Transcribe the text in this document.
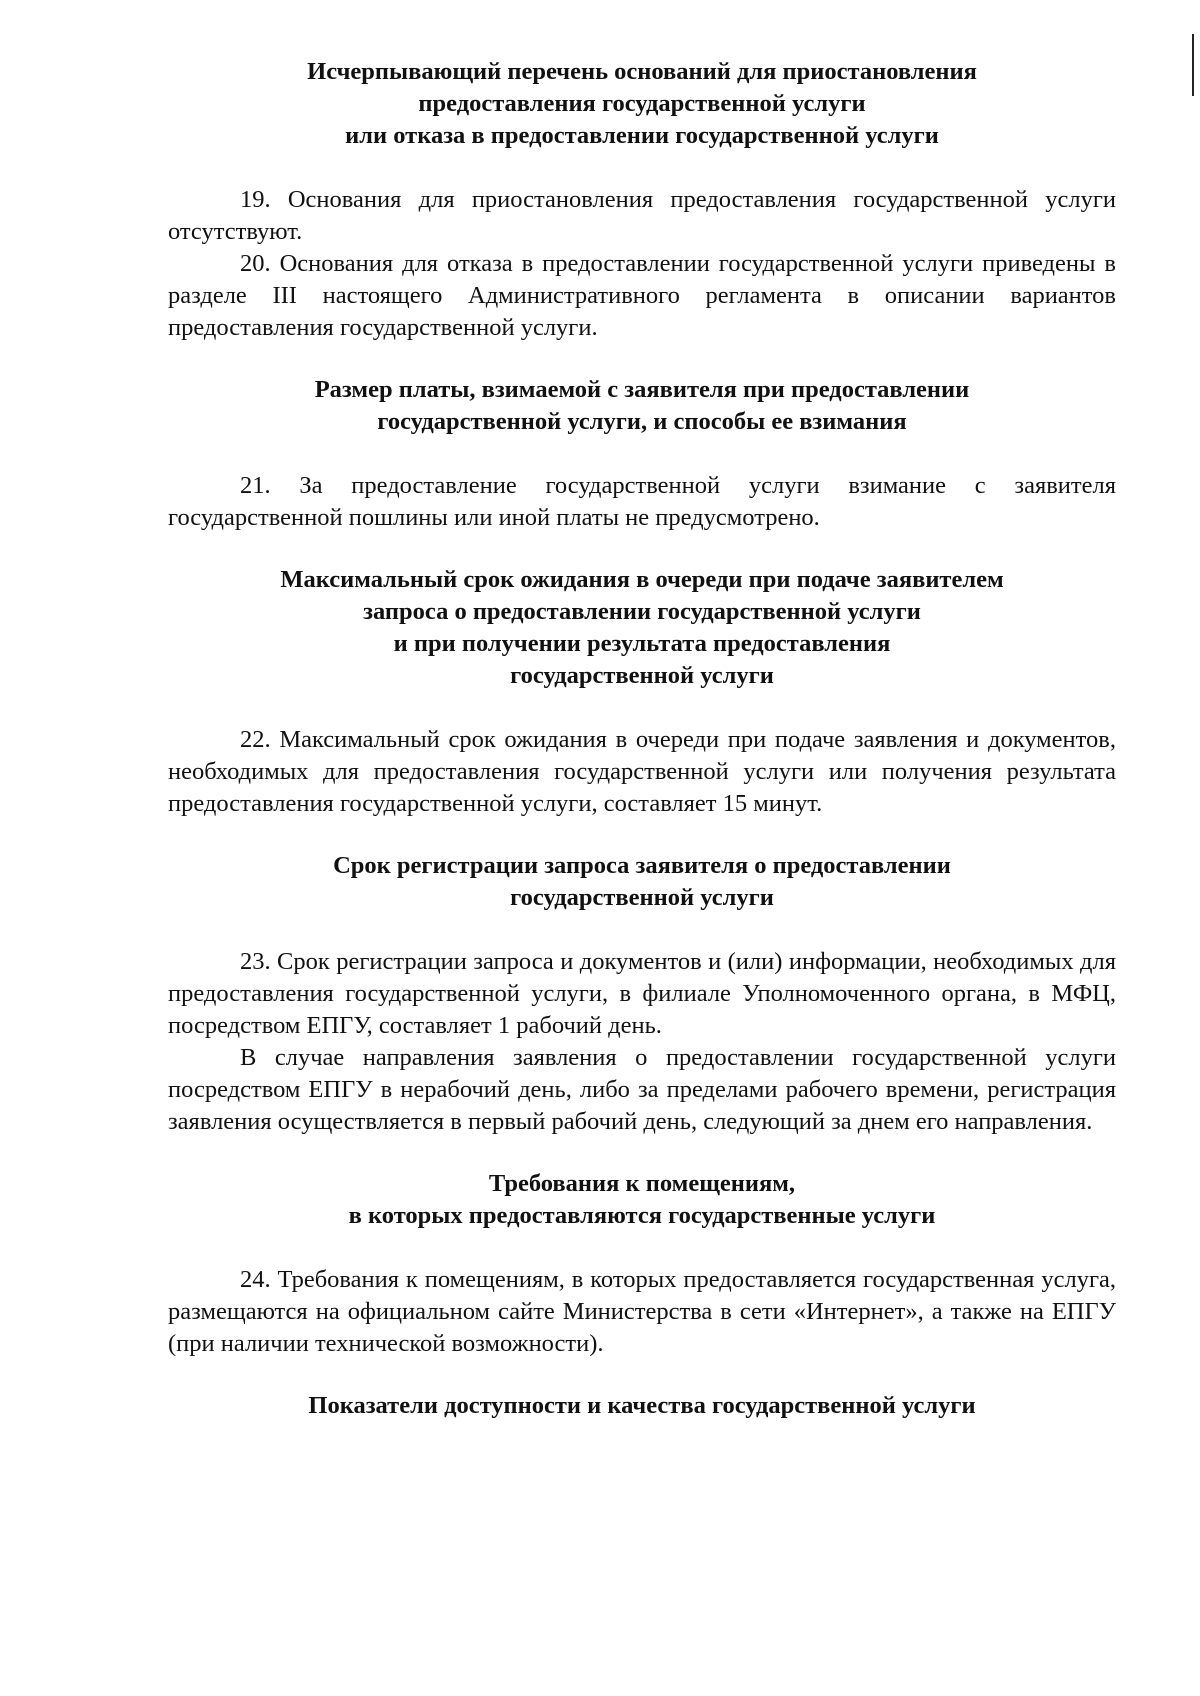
Исчерпывающий перечень оснований для приостановления
предоставления государственной услуги
или отказа в предоставлении государственной услуги

19. Основания для приостановления предоставления государственной услуги отсутствуют.

20. Основания для отказа в предоставлении государственной услуги приведены в разделе III настоящего Административного регламента в описании вариантов предоставления государственной услуги.

Размер платы, взимаемой с заявителя при предоставлении
государственной услуги, и способы ее взимания

21. За предоставление государственной услуги взимание с заявителя государственной пошлины или иной платы не предусмотрено.

Максимальный срок ожидания в очереди при подаче заявителем
запроса о предоставлении государственной услуги
и при получении результата предоставления
государственной услуги

22. Максимальный срок ожидания в очереди при подаче заявления и документов, необходимых для предоставления государственной услуги или получения результата предоставления государственной услуги, составляет 15 минут.

Срок регистрации запроса заявителя о предоставлении
государственной услуги

23. Срок регистрации запроса и документов и (или) информации, необходимых для предоставления государственной услуги, в филиале Уполномоченного органа, в МФЦ, посредством ЕПГУ, составляет 1 рабочий день.

В случае направления заявления о предоставлении государственной услуги посредством ЕПГУ в нерабочий день, либо за пределами рабочего времени, регистрация заявления осуществляется в первый рабочий день, следующий за днем его направления.

Требования к помещениям,
в которых предоставляются государственные услуги

24. Требования к помещениям, в которых предоставляется государственная услуга, размещаются на официальном сайте Министерства в сети «Интернет», а также на ЕПГУ (при наличии технической возможности).

Показатели доступности и качества государственной услуги
